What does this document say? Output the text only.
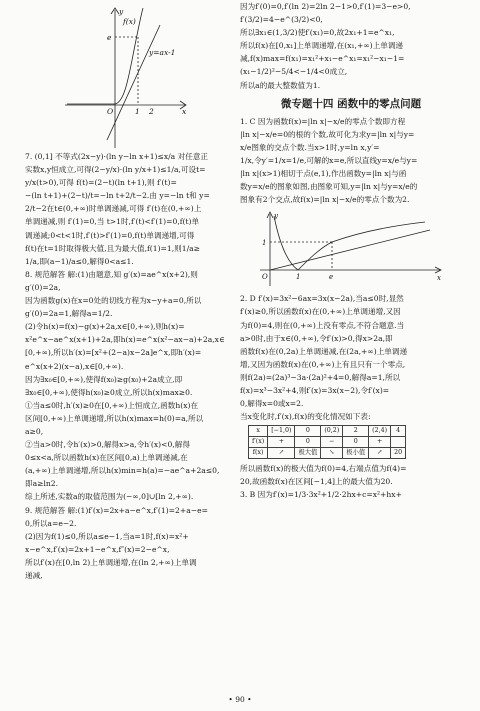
y
f(x)
e
y=ax-1
O	1 2	x

7. (0,1] 不等式(2x−y)·(ln y−ln x+1)≤x/a 对任意正

实数x,y恒成立,可得(2−y/x)·(ln y/x+1)≤1/a,可设t=

y/x(t>0),可得 f(t)=(2−t)(ln t+1),则 f′(t)=

−(ln t+1)+(2−t)/t=−ln t+2/t−2.由 y=−ln t和 y=

2/t−2在t∈(0,+∞)时单调递减,可得 f′(t)在(0,+∞)上

单调递减,则 f′(1)=0,当 t>1时,f′(t)<f′(1)=0,f(t)单

调递减;0<t<1时,f′(t)>f′(1)=0,f(t)单调递增,可得

f(t)在t=1时取得极大值,且为最大值,f(1)=1,则1/a≥

1/a,即(a−1)/a≤0,解得0<a≤1.

8. 规范解答 解:(1)由题意,知 g′(x)=ae^x(x+2),则

g′(0)=2a,

因为函数g(x)在x=0处的切线方程为x−y+a=0,所以

g′(0)=2a=1,解得a=1/2.

(2)令h(x)=f(x)−g(x)+2a,x∈[0,+∞),则h(x)=

x²e^x−ae^x(x+1)+2a,即h(x)=e^x(x²−ax−a)+2a,x∈

[0,+∞),所以h′(x)=[x²+(2−a)x−2a]e^x,即h′(x)=

e^x(x+2)(x−a),x∈[0,+∞).

因为∃x₀∈[0,+∞),使得f(x₀)≥g(x₀)+2a成立,即

∃x₀∈[0,+∞),使得h(x₀)≥0成立,所以h(x)max≥0.

①当a≤0时,h′(x)≥0在[0,+∞)上恒成立,函数h(x)在

区间[0,+∞)上单调递增,所以h(x)max=h(0)=a,所以

a≥0,

②当a>0时,令h′(x)>0,解得x>a,令h′(x)<0,解得

0≤x<a,所以函数h(x)在区间[0,a)上单调递减,在

(a,+∞)上单调递增,所以h(x)min=h(a)=−ae^a+2a≤0,

即a≥ln2.

综上所述,实数a的取值范围为(−∞,0]∪[ln 2,+∞).

9. 规范解答 解:(1)f′(x)=2x+a−e^x,f′(1)=2+a−e=

0,所以a=e−2.

(2)因为f(1)≤0,所以a≤e−1,当a=1时,f(x)=x²+

x−e^x,f′(x)=2x+1−e^x,f″(x)=2−e^x,

所以f′(x)在[0,ln 2)上单调递增,在(ln 2,+∞)上单调

递减,

因为f′(0)=0,f′(ln 2)=2ln 2−1>0,f′(1)=3−e>0,

f′(3/2)=4−e^(3/2)<0,

所以∃x₁∈(1,3/2)使f′(x₁)=0,故2x₁+1=e^x₁,

所以f(x)在[0,x₁]上单调递增,在(x₁,+∞)上单调递

减,f(x)max=f(x₁)=x₁²+x₁−e^x₁=x₁²−x₁−1=

(x₁−1/2)²−5/4<−1/4<0成立,

所以a的最大整数值为1.

微专题十四 函数中的零点问题

1. C 因为函数f(x)=|ln x|−x/e的零点个数即方程

|ln x|−x/e=0的根的个数,故可化为求y=|ln x|与y=

x/e图象的交点个数.当x>1时,y=ln x,y′=

1/x,令y′=1/x=1/e,可解的x=e,所以直线y=x/e与y=

|ln x|(x>1)相切于点(e,1),作出函数y=|ln x|与函

数y=x/e的图象如图,由图象可知,y=|ln x|与y=x/e的

图象有2个交点,故f(x)=|ln x|−x/e的零点个数为2.

y
1
O	1	e	x

2. D f′(x)=3x²−6ax=3x(x−2a),当a≤0时,显然

f′(x)≥0,所以函数f(x)在(0,+∞)上单调递增,又因

为f(0)=4,则在(0,+∞)上没有零点,不符合题意.当

a>0时,由于x∈(0,+∞),令f′(x)>0,得x>2a,即

函数f(x)在(0,2a)上单调递减,在(2a,+∞)上单调递

增,又因为函数f(x)在(0,+∞)上有且只有一个零点,

则f(2a)=(2a)³−3a·(2a)²+4=0,解得a=1,所以

f(x)=x³−3x²+4,则f′(x)=3x(x−2),令f′(x)=

0,解得x=0或x=2.

当x变化时,f′(x),f(x)的变化情况如下表:

x	[−1,0)	0	(0,2)	2	(2,4)	4
f′(x)	+	0	−	0	+	
f(x)	↗	极大值	↘	极小值	↗	20

所以函数f(x)的极大值为f(0)=4,右端点值为f(4)=

20,故函数f(x)在区间[−1,4]上的最大值为20.

3. B 因为f′(x)=1/3·3x²+1/2·2hx+c=x²+hx+

• 90 •
